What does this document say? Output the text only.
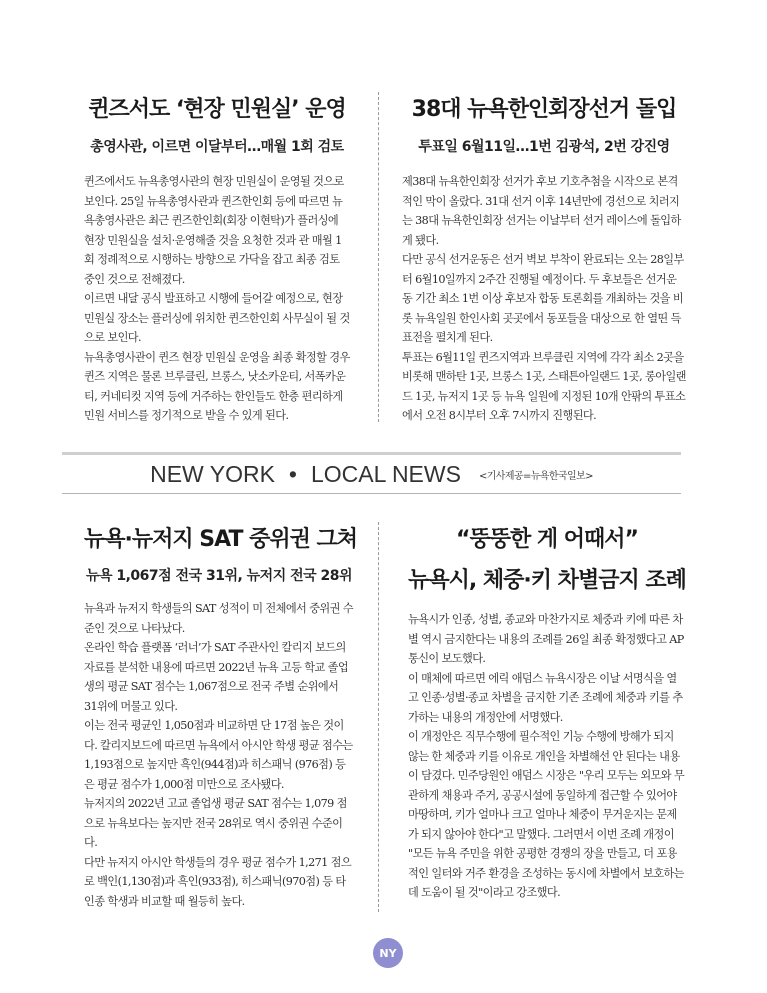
퀸즈서도 ‘현장 민원실’ 운영
총영사관, 이르면 이달부터…매월 1회 검토

퀸즈에서도 뉴욕총영사관의 현장 민원실이 운영될 것으로 보인다. 25일 뉴욕총영사관과 퀸즈한인회 등에 따르면 뉴욕총영사관은 최근 퀸즈한인회(회장 이현탁)가 플러싱에 현장 민원실을 설치·운영해줄 것을 요청한 것과 관 매월 1회 정례적으로 시행하는 방향으로 가닥을 잡고 최종 검토 중인 것으로 전해졌다.

이르면 내달 공식 발표하고 시행에 들어갈 예정으로, 현장 민원실 장소는 플러싱에 위치한 퀸즈한인회 사무실이 될 것으로 보인다.

뉴욕총영사관이 퀸즈 현장 민원실 운영을 최종 확정할 경우 퀸즈 지역은 물론 브루클린, 브롱스, 낫소카운티, 서폭카운티, 커네티컷 지역 등에 거주하는 한인들도 한층 편리하게 민원 서비스를 정기적으로 받을 수 있게 된다.

38대 뉴욕한인회장선거 돌입
투표일 6월11일…1번 김광석, 2번 강진영

제38대 뉴욕한인회장 선거가 후보 기호추첨을 시작으로 본격적인 막이 올랐다. 31대 선거 이후 14년만에 경선으로 치러지는 38대 뉴욕한인회장 선거는 이날부터 선거 레이스에 돌입하게 됐다.

다만 공식 선거운동은 선거 벽보 부착이 완료되는 오는 28일부터 6월10일까지 2주간 진행될 예정이다. 두 후보들은 선거운동 기간 최소 1번 이상 후보자 합동 토론회를 개최하는 것을 비롯 뉴욕일원 한인사회 곳곳에서 동포들을 대상으로 한 열띤 득표전을 펼치게 된다.

투표는 6월11일 퀸즈지역과 브루클린 지역에 각각 최소 2곳을 비롯해 맨하탄 1곳, 브롱스 1곳, 스태튼아일랜드 1곳, 롱아일랜드 1곳, 뉴저지 1곳 등 뉴욕 일원에 지정된 10개 안팎의 투표소에서 오전 8시부터 오후 7시까지 진행된다.

NEW YORK • LOCAL NEWS <기사제공=뉴욕한국일보>
뉴욕·뉴저지 SAT 중위권 그쳐
뉴욕 1,067점 전국 31위, 뉴저지 전국 28위

뉴욕과 뉴저지 학생들의 SAT 성적이 미 전체에서 중위권 수준인 것으로 나타났다.

온라인 학습 플랫폼 ‘러너’가 SAT 주관사인 칼리지 보드의 자료를 분석한 내용에 따르면 2022년 뉴욕 고등 학교 졸업생의 평균 SAT 점수는 1,067점으로 전국 주별 순위에서 31위에 머물고 있다.

이는 전국 평균인 1,050점과 비교하면 단 17점 높은 것이다. 칼리지보드에 따르면 뉴욕에서 아시안 학생 평균 점수는 1,193점으로 높지만 흑인(944점)과 히스패닉 (976점) 등은 평균 점수가 1,000점 미만으로 조사됐다.

뉴저지의 2022년 고교 졸업생 평균 SAT 점수는 1,079 점으로 뉴욕보다는 높지만 전국 28위로 역시 중위권 수준이다.

다만 뉴저지 아시안 학생들의 경우 평균 점수가 1,271 점으로 백인(1,130점)과 흑인(933점), 히스패닉(970점) 등 타인종 학생과 비교할 때 월등히 높다.

“뚱뚱한 게 어때서”
뉴욕시, 체중·키 차별금지 조례

뉴욕시가 인종, 성별, 종교와 마찬가지로 체중과 키에 따른 차별 역시 금지한다는 내용의 조례를 26일 최종 확정했다고 AP 통신이 보도했다.

이 매체에 따르면 에릭 애덤스 뉴욕시장은 이날 서명식을 열고 인종·성별·종교 차별을 금지한 기존 조례에 체중과 키를 추가하는 내용의 개정안에 서명했다.

이 개정안은 직무수행에 필수적인 기능 수행에 방해가 되지 않는 한 체중과 키를 이유로 개인을 차별해선 안 된다는 내용이 담겼다. 민주당원인 애덤스 시장은 "우리 모두는 외모와 무관하게 채용과 주거, 공공시설에 동일하게 접근할 수 있어야 마땅하며, 키가 얼마나 크고 얼마나 체중이 무거운지는 문제가 되지 않아야 한다"고 말했다. 그러면서 이번 조례 개정이 "모든 뉴욕 주민을 위한 공평한 경쟁의 장을 만들고, 더 포용적인 일터와 거주 환경을 조성하는 동시에 차별에서 보호하는 데 도움이 될 것"이라고 강조했다.

NY
